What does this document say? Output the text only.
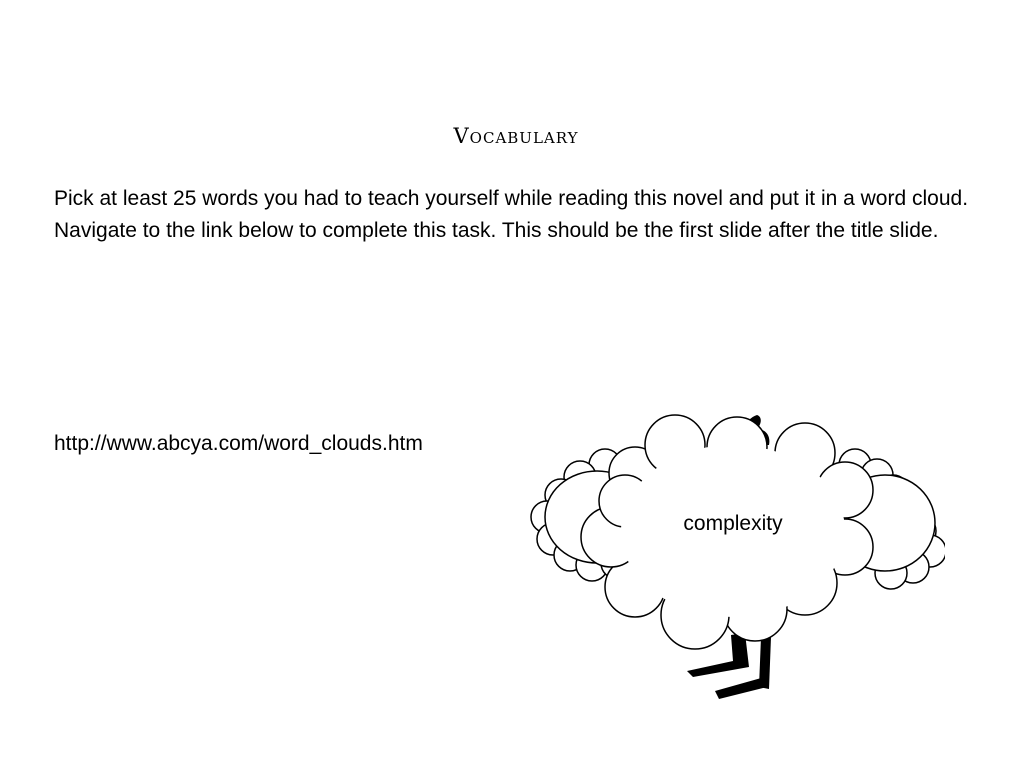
Vocabulary
Pick at least 25 words you had to teach yourself while reading this novel and put it in a word cloud.  Navigate to the link below to complete this task. This should be the first slide after the title slide.
http://www.abcya.com/word_clouds.htm
complexity
